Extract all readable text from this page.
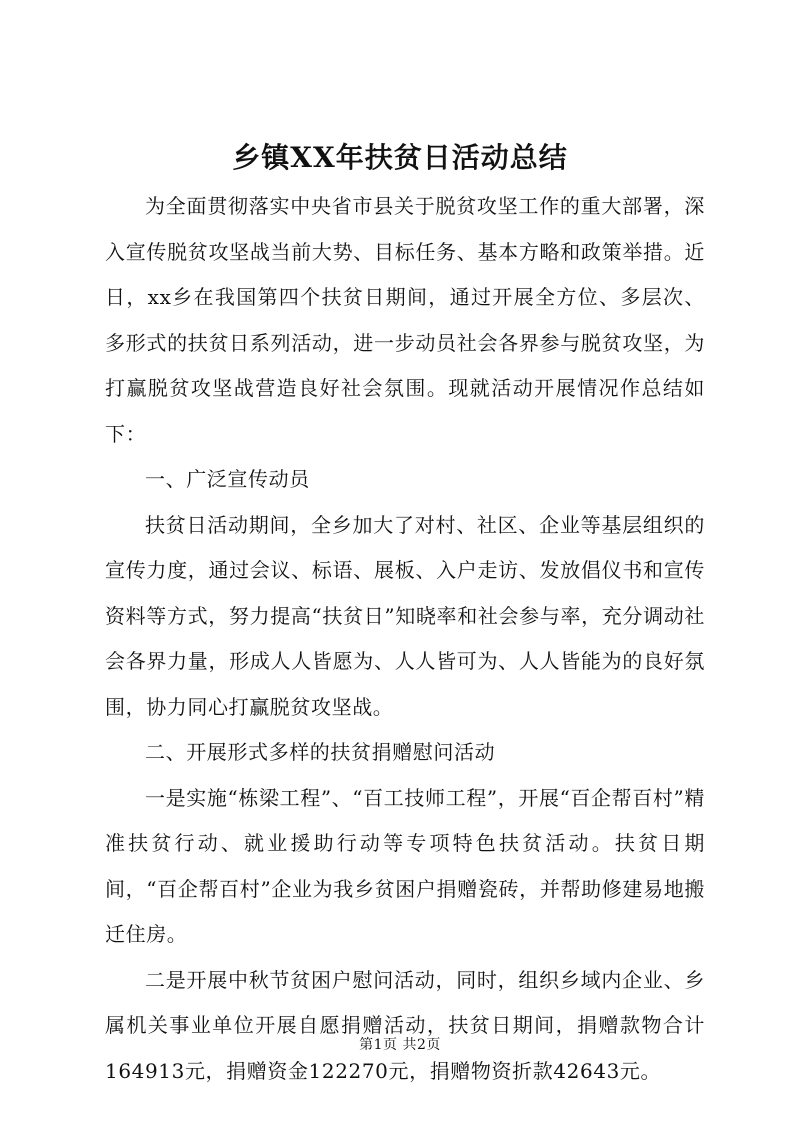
乡镇XX年扶贫日活动总结

为全面贯彻落实中央省市县关于脱贫攻坚工作的重大部署，深入宣传脱贫攻坚战当前大势、目标任务、基本方略和政策举措。近日，xx乡在我国第四个扶贫日期间，通过开展全方位、多层次、多形式的扶贫日系列活动，进一步动员社会各界参与脱贫攻坚，为打赢脱贫攻坚战营造良好社会氛围。现就活动开展情况作总结如下：

一、广泛宣传动员

扶贫日活动期间，全乡加大了对村、社区、企业等基层组织的宣传力度，通过会议、标语、展板、入户走访、发放倡仪书和宣传资料等方式，努力提高“扶贫日”知晓率和社会参与率，充分调动社会各界力量，形成人人皆愿为、人人皆可为、人人皆能为的良好氛围，协力同心打赢脱贫攻坚战。

二、开展形式多样的扶贫捐赠慰问活动

一是实施“栋梁工程”、“百工技师工程”，开展“百企帮百村”精准扶贫行动、就业援助行动等专项特色扶贫活动。扶贫日期间，“百企帮百村”企业为我乡贫困户捐赠瓷砖，并帮助修建易地搬迁住房。

二是开展中秋节贫困户慰问活动，同时，组织乡域内企业、乡属机关事业单位开展自愿捐赠活动，扶贫日期间，捐赠款物合计164913元，捐赠资金122270元，捐赠物资折款42643元。

第1页 共2页
